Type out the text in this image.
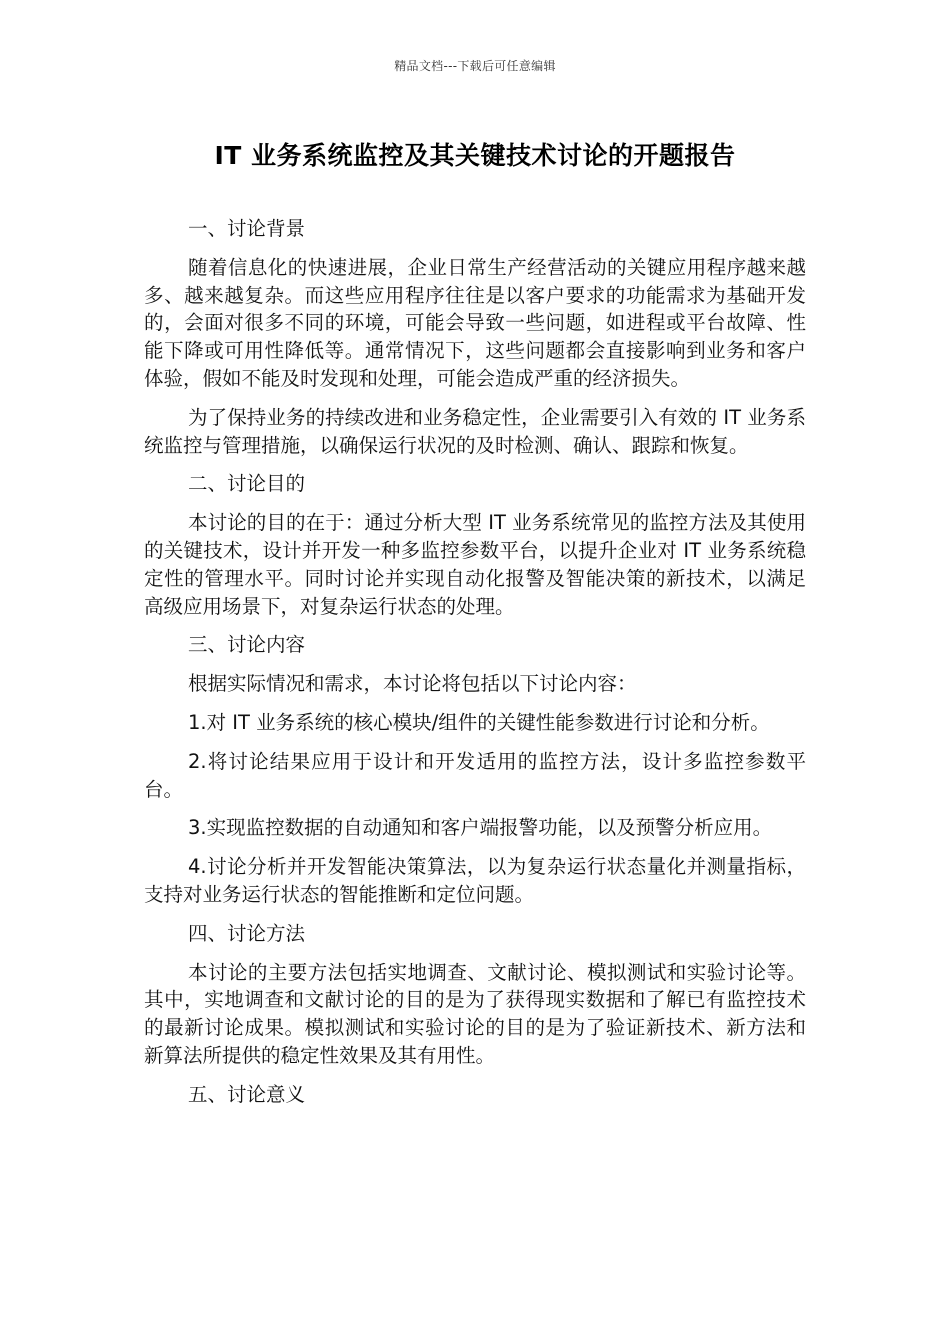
精品文档---下载后可任意编辑
IT 业务系统监控及其关键技术讨论的开题报告

一、讨论背景

随着信息化的快速进展，企业日常生产经营活动的关键应用程序越来越多、越来越复杂。而这些应用程序往往是以客户要求的功能需求为基础开发的，会面对很多不同的环境，可能会导致一些问题，如进程或平台故障、性能下降或可用性降低等。通常情况下，这些问题都会直接影响到业务和客户体验，假如不能及时发现和处理，可能会造成严重的经济损失。

为了保持业务的持续改进和业务稳定性，企业需要引入有效的 IT 业务系统监控与管理措施，以确保运行状况的及时检测、确认、跟踪和恢复。

二、讨论目的

本讨论的目的在于：通过分析大型 IT 业务系统常见的监控方法及其使用的关键技术，设计并开发一种多监控参数平台，以提升企业对 IT 业务系统稳定性的管理水平。同时讨论并实现自动化报警及智能决策的新技术，以满足高级应用场景下，对复杂运行状态的处理。

三、讨论内容

根据实际情况和需求，本讨论将包括以下讨论内容：

1.对 IT 业务系统的核心模块/组件的关键性能参数进行讨论和分析。

2.将讨论结果应用于设计和开发适用的监控方法，设计多监控参数平台。

3.实现监控数据的自动通知和客户端报警功能，以及预警分析应用。

4.讨论分析并开发智能决策算法，以为复杂运行状态量化并测量指标，支持对业务运行状态的智能推断和定位问题。

四、讨论方法

本讨论的主要方法包括实地调查、文献讨论、模拟测试和实验讨论等。其中，实地调查和文献讨论的目的是为了获得现实数据和了解已有监控技术的最新讨论成果。模拟测试和实验讨论的目的是为了验证新技术、新方法和新算法所提供的稳定性效果及其有用性。

五、讨论意义
